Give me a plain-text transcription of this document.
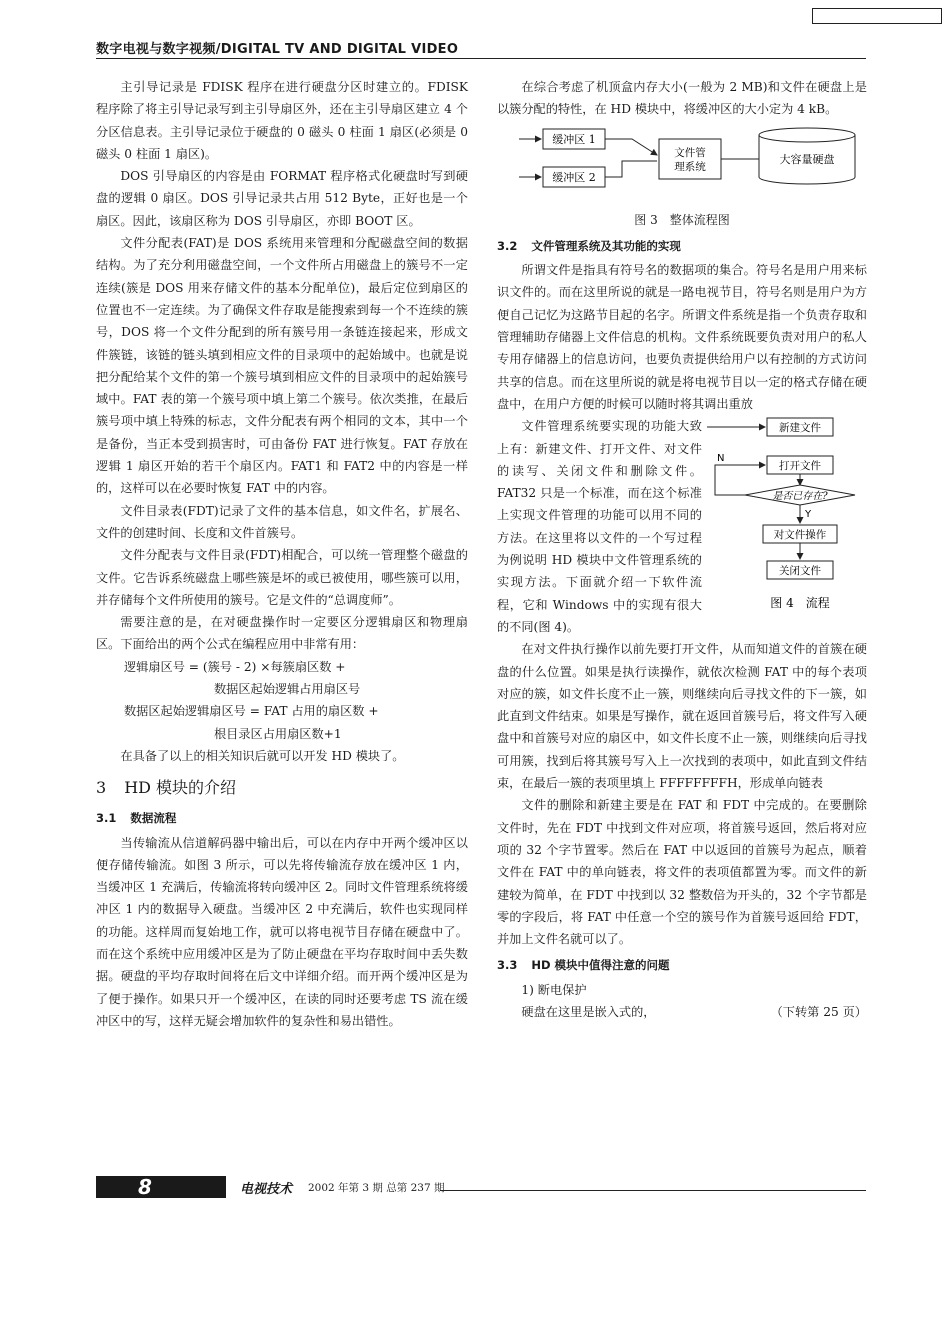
数字电视与数字视频/DIGITAL TV AND DIGITAL VIDEO

主引导记录是 FDISK 程序在进行硬盘分区时建立的。FDISK 程序除了将主引导记录写到主引导扇区外，还在主引导扇区建立 4 个分区信息表。主引导记录位于硬盘的 0 磁头 0 柱面 1 扇区(必须是 0 磁头 0 柱面 1 扇区)。

DOS 引导扇区的内容是由 FORMAT 程序格式化硬盘时写到硬盘的逻辑 0 扇区。DOS 引导记录共占用 512 Byte，正好也是一个扇区。因此，该扇区称为 DOS 引导扇区，亦即 BOOT 区。

文件分配表(FAT)是 DOS 系统用来管理和分配磁盘空间的数据结构。为了充分利用磁盘空间，一个文件所占用磁盘上的簇号不一定连续(簇是 DOS 用来存储文件的基本分配单位)，最后定位到扇区的位置也不一定连续。为了确保文件存取是能搜索到每一个不连续的簇号，DOS 将一个文件分配到的所有簇号用一条链连接起来，形成文件簇链，该链的链头填到相应文件的目录项中的起始域中。也就是说把分配给某个文件的第一个簇号填到相应文件的目录项中的起始簇号域中。FAT 表的第一个簇号项中填上第二个簇号。依次类推，在最后簇号项中填上特殊的标志，文件分配表有两个相同的文本，其中一个是备份，当正本受到损害时，可由备份 FAT 进行恢复。FAT 存放在逻辑 1 扇区开始的若干个扇区内。FAT1 和 FAT2 中的内容是一样的，这样可以在必要时恢复 FAT 中的内容。

文件目录表(FDT)记录了文件的基本信息，如文件名，扩展名、文件的创建时间、长度和文件首簇号。

文件分配表与文件目录(FDT)相配合，可以统一管理整个磁盘的文件。它告诉系统磁盘上哪些簇是坏的或已被使用，哪些簇可以用，并存储每个文件所使用的簇号。它是文件的“总调度师”。

需要注意的是，在对硬盘操作时一定要区分逻辑扇区和物理扇区。下面给出的两个公式在编程应用中非常有用：

逻辑扇区号 = (簇号 - 2) ×每簇扇区数 +

数据区起始逻辑占用扇区号

数据区起始逻辑扇区号 = FAT 占用的扇区数 +

根目录区占用扇区数+1

在具备了以上的相关知识后就可以开发 HD 模块了。

3 HD 模块的介绍
3.1 数据流程

当传输流从信道解码器中输出后，可以在内存中开两个缓冲区以便存储传输流。如图 3 所示，可以先将传输流存放在缓冲区 1 内，当缓冲区 1 充满后，传输流将转向缓冲区 2。同时文件管理系统将缓冲区 1 内的数据导入硬盘。当缓冲区 2 中充满后，软件也实现同样的功能。这样周而复始地工作，就可以将电视节目存储在硬盘中了。而在这个系统中应用缓冲区是为了防止硬盘在平均存取时间中丢失数据。硬盘的平均存取时间将在后文中详细介绍。而开两个缓冲区是为了便于操作。如果只开一个缓冲区，在读的同时还要考虑 TS 流在缓冲区中的写，这样无疑会增加软件的复杂性和易出错性。

在综合考虑了机顶盒内存大小(一般为 2 MB)和文件在硬盘上是以簇分配的特性，在 HD 模块中，将缓冲区的大小定为 4 kB。

缓冲区 1
缓冲区 2
文件管
理系统
大容量硬盘

图 3　整体流程图

3.2 文件管理系统及其功能的实现

所谓文件是指具有符号名的数据项的集合。符号名是用户用来标识文件的。而在这里所说的就是一路电视节目，符号名则是用户为方便自己记忆为这路节目起的名字。所谓文件系统是指一个负责存取和管理辅助存储器上文件信息的机构。文件系统既要负责对用户的私人专用存储器上的信息访问，也要负责提供给用户以有控制的方式访问共享的信息。而在这里所说的就是将电视节目以一定的格式存储在硬盘中，在用户方便的时候可以随时将其调出重放

文件管理系统要实现的功能大致上有：新建文件、打开文件、对文件的读写、关闭文件和删除文件。FAT32 只是一个标准，而在这个标准上实现文件管理的功能可以用不同的方法。在这里将以文件的一个写过程为例说明 HD 模块中文件管理系统的实现方法。下面就介绍一下软件流程，它和 Windows 中的实现有很大的不同(图 4)。

新建文件
打开文件
是否已存在?
对文件操作
关闭文件
N
Y
图 4　流程

在对文件执行操作以前先要打开文件，从而知道文件的首簇在硬盘的什么位置。如果是执行读操作，就依次检测 FAT 中的每个表项对应的簇，如文件长度不止一簇，则继续向后寻找文件的下一簇，如此直到文件结束。如果是写操作，就在返回首簇号后，将文件写入硬盘中和首簇号对应的扇区中，如文件长度不止一簇，则继续向后寻找可用簇，找到后将其簇号写入上一次找到的表项中，如此直到文件结束，在最后一簇的表项里填上 FFFFFFFFH，形成单向链表

文件的删除和新建主要是在 FAT 和 FDT 中完成的。在要删除文件时，先在 FDT 中找到文件对应项，将首簇号返回，然后将对应项的 32 个字节置零。然后在 FAT 中以返回的首簇号为起点，顺着文件在 FAT 中的单向链表，将文件的表项值都置为零。而文件的新建较为简单，在 FDT 中找到以 32 整数倍为开头的，32 个字节都是零的字段后，将 FAT 中任意一个空的簇号作为首簇号返回给 FDT，并加上文件名就可以了。

3.3 HD 模块中值得注意的问题

1) 断电保护

硬盘在这里是嵌入式的，	（下转第 25 页）

8	电视技术 2002 年第 3 期 总第 237 期
